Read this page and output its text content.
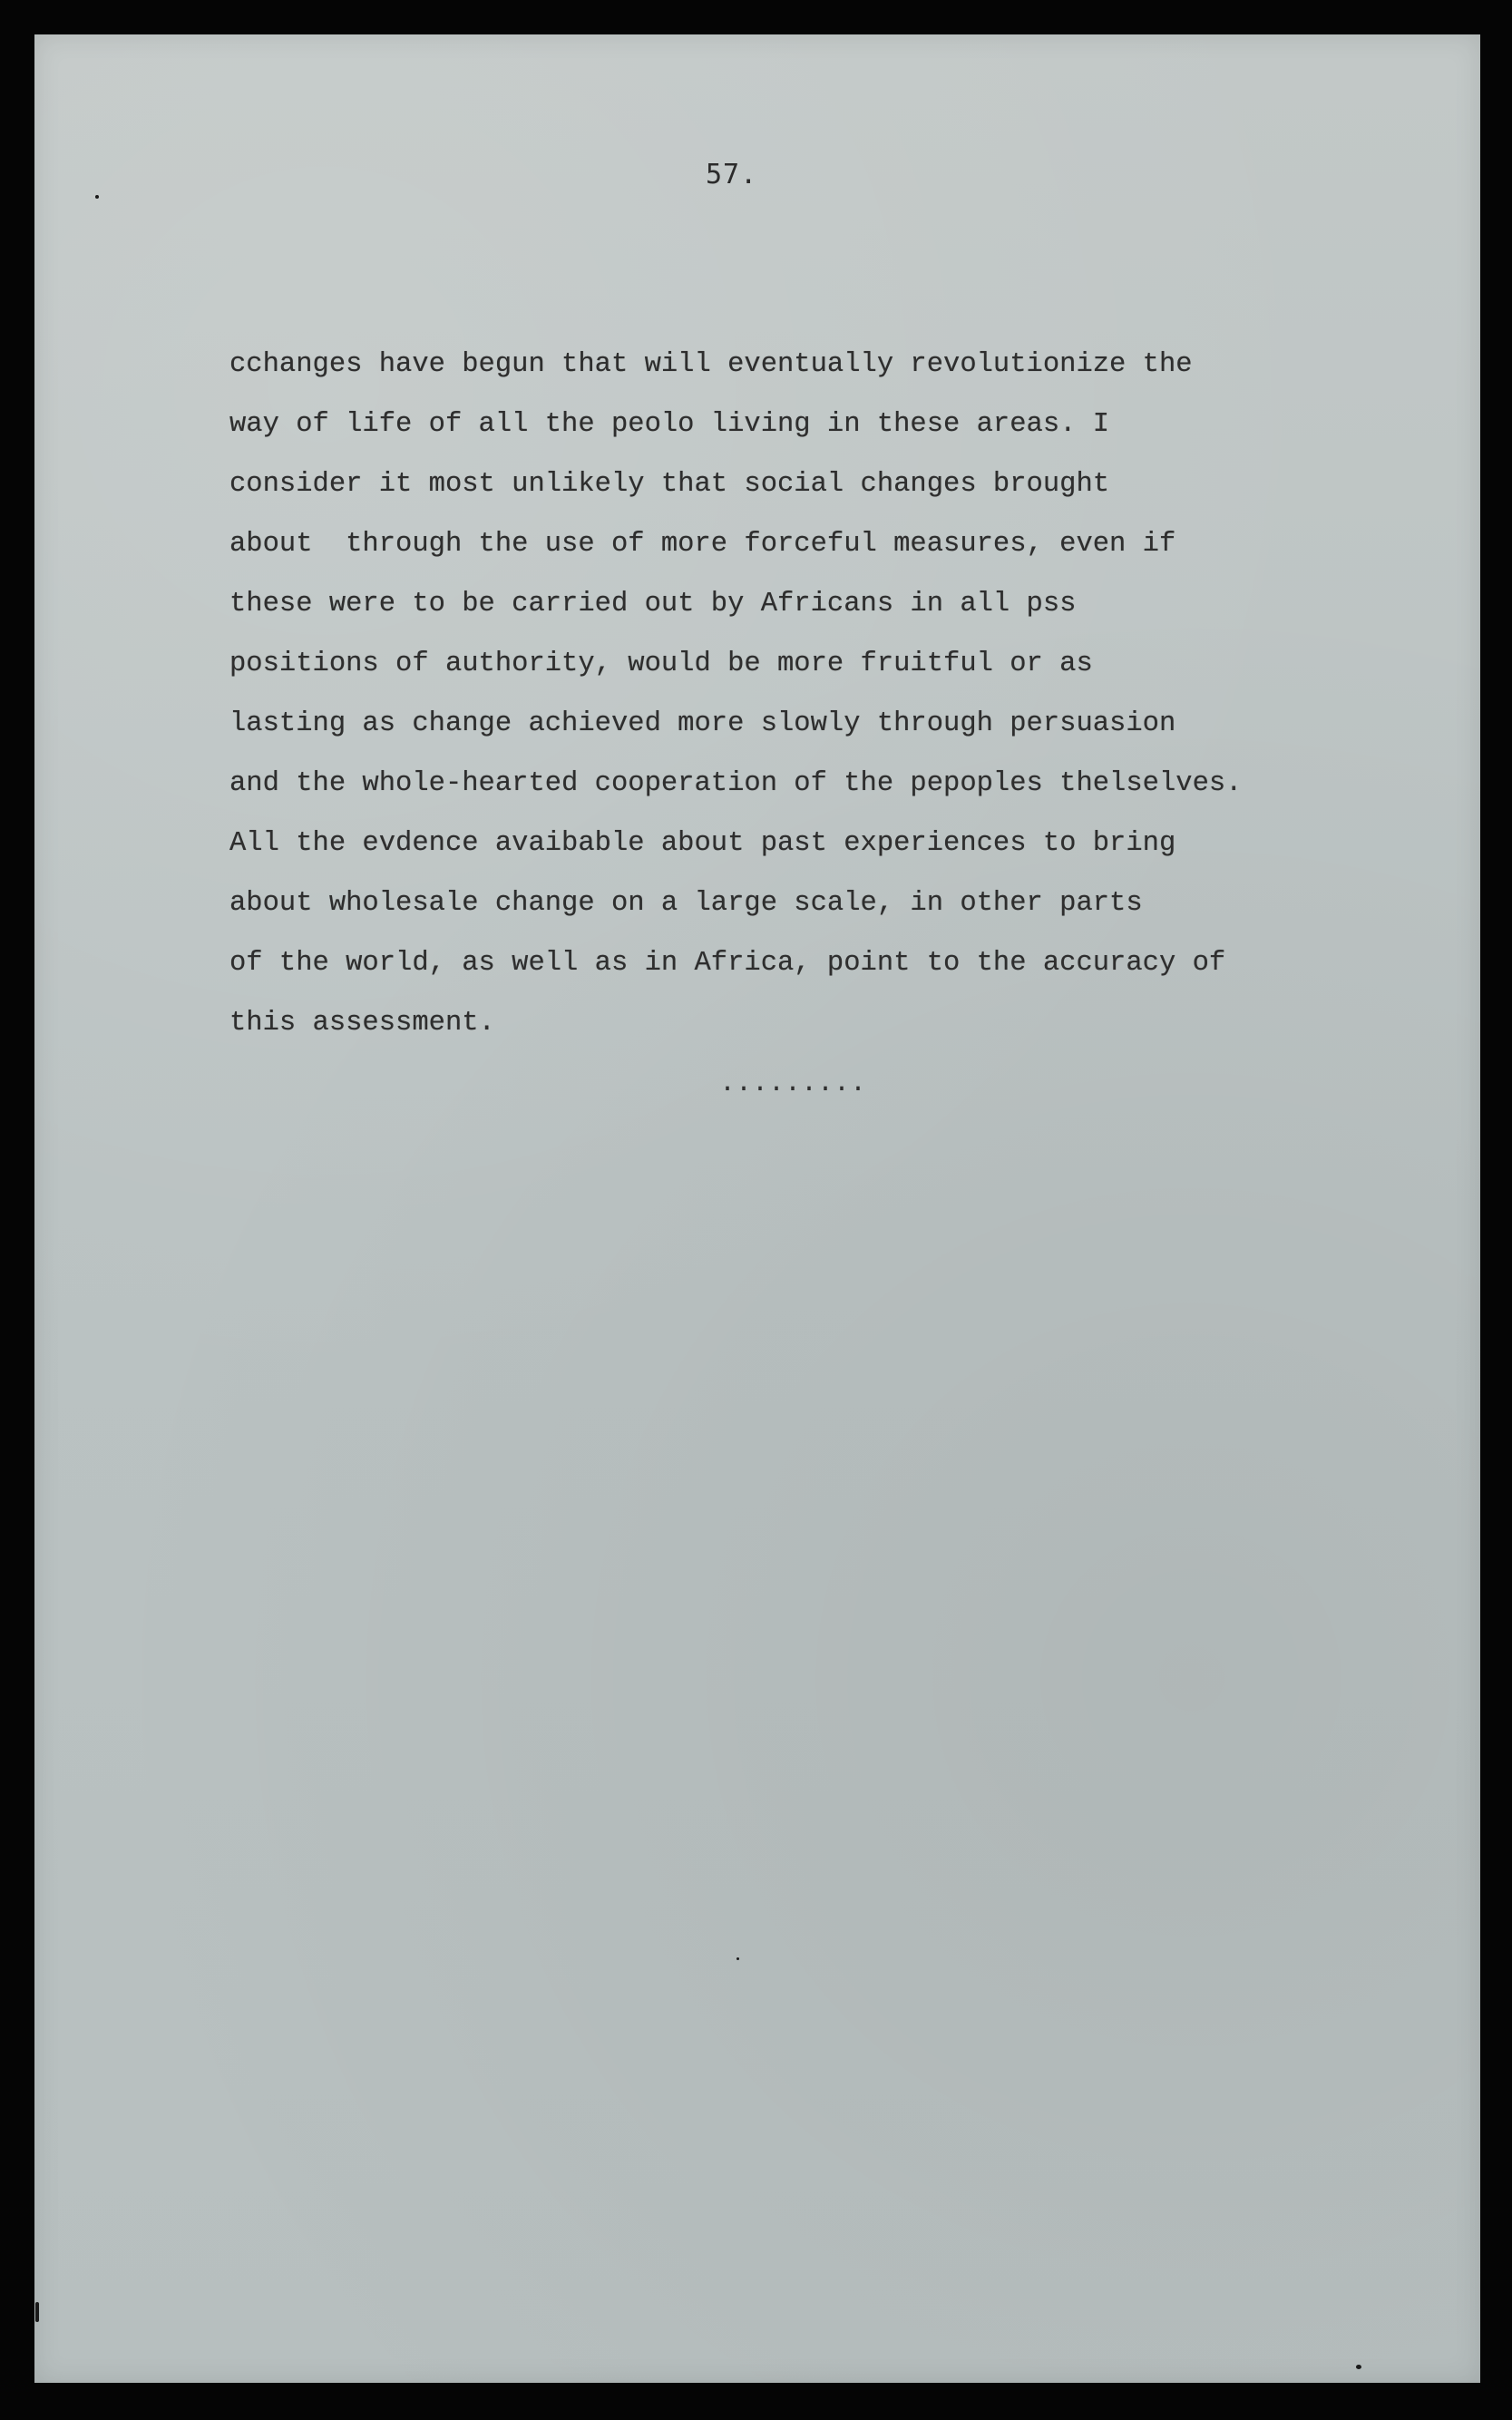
57.
cchanges have begun that will eventually revolutionize the
way of life of all the peolo living in these areas. I
consider it most unlikely that social changes brought
about  through the use of more forceful measures, even if
these were to be carried out by Africans in all pss
positions of authority, would be more fruitful or as
lasting as change achieved more slowly through persuasion
and the whole-hearted cooperation of the pepoples thelselves.
All the evdence avaibable about past experiences to bring
about wholesale change on a large scale, in other parts
of the world, as well as in Africa, point to the accuracy of
this assessment.
.........
